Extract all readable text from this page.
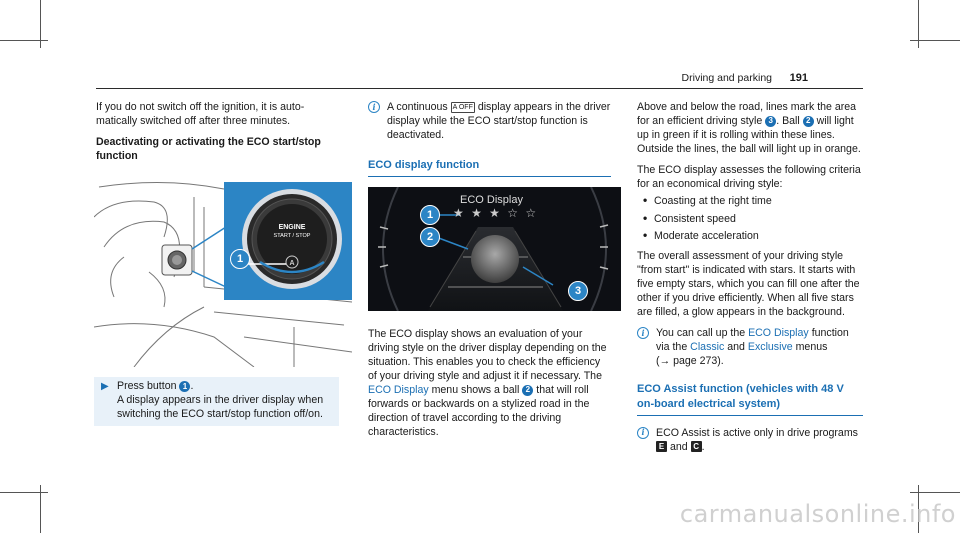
Driving and parking 191

If you do not switch off the ignition, it is auto-matically switched off after three minutes.

Deactivating or activating the ECO start/stop function
A
ENGINE
START / STOP
1
▶ Press button 1 .
A display appears in the driver display when switching the ECO start/stop function off/on.
i	A continuous A OFF display appears in the driver display while the ECO start/stop function is deactivated.
ECO display function
ECO Display
★ ★ ★ ☆ ☆
1
2
3

The ECO display shows an evaluation of your driving style on the driver display depending on the situation. This enables you to check the efficiency of your driving style and adjust it if necessary. The ECO Display menu shows a ball 2 that will roll forwards or backwards on a stylized road in the direction of travel according to the driving characteristics.

Above and below the road, lines mark the area for an efficient driving style 3 . Ball 2 will light up in green if it is rolling within these lines. Outside the lines, the ball will light up in orange.

The ECO display assesses the following criteria for an economical driving style:

• Coasting at the right time
• Consistent speed
• Moderate acceleration

The overall assessment of your driving style "from start" is indicated with stars. It starts with five empty stars, which you can fill one after the other if you drive efficiently. When all five stars are filled, a glow appears in the background.

i	You can call up the ECO Display function via the Classic and Exclusive menus
(→ page 273).
ECO Assist function (vehicles with 48 V on-board electrical system)
i	ECO Assist is active only in drive programs E and C .
carmanualsonline.info
